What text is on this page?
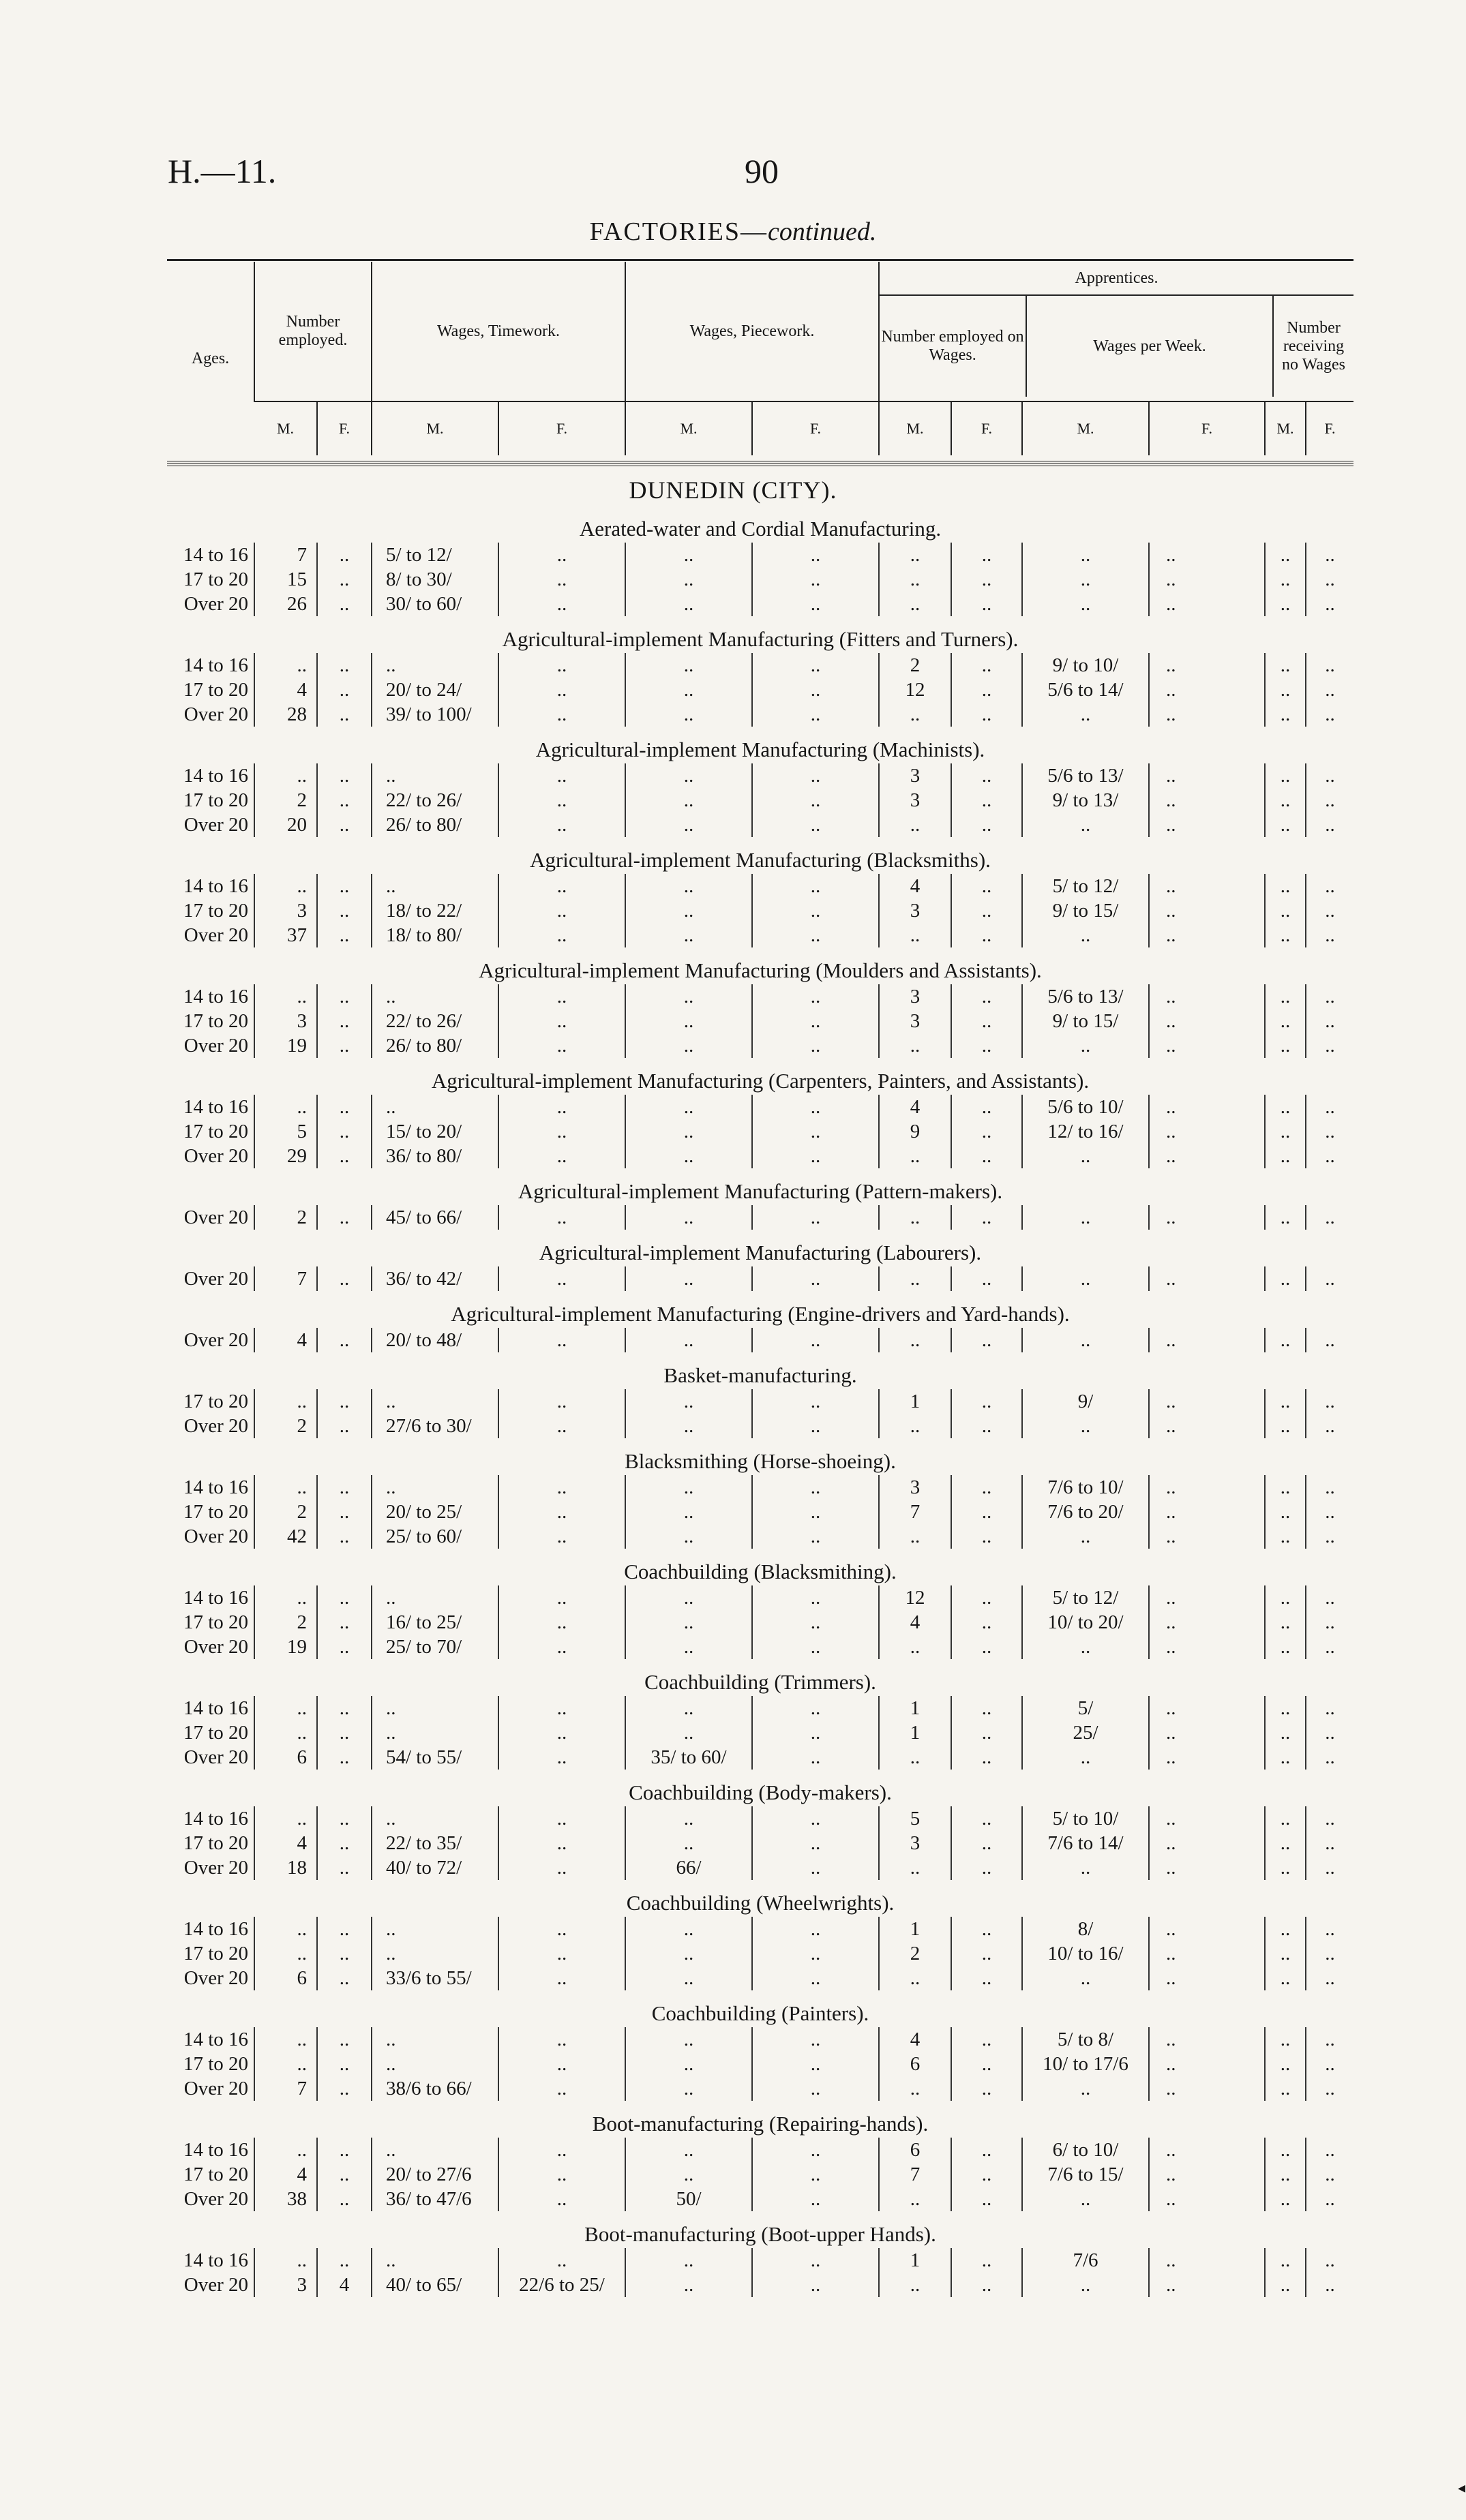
H.—11.	90
FACTORIES—continued.
Ages.	Number employed.	Wages, Timework.	Wages, Piecework.	
Apprentices.
Number employed on Wages.	Wages per Week.	Number receiving no Wages

M.	F.	M.	F.	M.	F.	M.	F.	M.	F.	M.	F.
DUNEDIN (CITY).
Aerated-water and Cordial Manufacturing.
14 to 16	7	..	5/ to 12/	..	..	..	..	..	..	..	..	..
17 to 20	15	..	8/ to 30/	..	..	..	..	..	..	..	..	..
Over 20	26	..	30/ to 60/	..	..	..	..	..	..	..	..	..
Agricultural-implement Manufacturing (Fitters and Turners).
14 to 16	..	..	..	..	..	..	2	..	9/ to 10/	..	..	..
17 to 20	4	..	20/ to 24/	..	..	..	12	..	5/6 to 14/	..	..	..
Over 20	28	..	39/ to 100/	..	..	..	..	..	..	..	..	..
Agricultural-implement Manufacturing (Machinists).
14 to 16	..	..	..	..	..	..	3	..	5/6 to 13/	..	..	..
17 to 20	2	..	22/ to 26/	..	..	..	3	..	9/ to 13/	..	..	..
Over 20	20	..	26/ to 80/	..	..	..	..	..	..	..	..	..
Agricultural-implement Manufacturing (Blacksmiths).
14 to 16	..	..	..	..	..	..	4	..	5/ to 12/	..	..	..
17 to 20	3	..	18/ to 22/	..	..	..	3	..	9/ to 15/	..	..	..
Over 20	37	..	18/ to 80/	..	..	..	..	..	..	..	..	..
Agricultural-implement Manufacturing (Moulders and Assistants).
14 to 16	..	..	..	..	..	..	3	..	5/6 to 13/	..	..	..
17 to 20	3	..	22/ to 26/	..	..	..	3	..	9/ to 15/	..	..	..
Over 20	19	..	26/ to 80/	..	..	..	..	..	..	..	..	..
Agricultural-implement Manufacturing (Carpenters, Painters, and Assistants).
14 to 16	..	..	..	..	..	..	4	..	5/6 to 10/	..	..	..
17 to 20	5	..	15/ to 20/	..	..	..	9	..	12/ to 16/	..	..	..
Over 20	29	..	36/ to 80/	..	..	..	..	..	..	..	..	..
Agricultural-implement Manufacturing (Pattern-makers).
Over 20	2	..	45/ to 66/	..	..	..	..	..	..	..	..	..
Agricultural-implement Manufacturing (Labourers).
Over 20	7	..	36/ to 42/	..	..	..	..	..	..	..	..	..
Agricultural-implement Manufacturing (Engine-drivers and Yard-hands).
Over 20	4	..	20/ to 48/	..	..	..	..	..	..	..	..	..
Basket-manufacturing.
17 to 20	..	..	..	..	..	..	1	..	9/	..	..	..
Over 20	2	..	27/6 to 30/	..	..	..	..	..	..	..	..	..
Blacksmithing (Horse-shoeing).
14 to 16	..	..	..	..	..	..	3	..	7/6 to 10/	..	..	..
17 to 20	2	..	20/ to 25/	..	..	..	7	..	7/6 to 20/	..	..	..
Over 20	42	..	25/ to 60/	..	..	..	..	..	..	..	..	..
Coachbuilding (Blacksmithing).
14 to 16	..	..	..	..	..	..	12	..	5/ to 12/	..	..	..
17 to 20	2	..	16/ to 25/	..	..	..	4	..	10/ to 20/	..	..	..
Over 20	19	..	25/ to 70/	..	..	..	..	..	..	..	..	..
Coachbuilding (Trimmers).
14 to 16	..	..	..	..	..	..	1	..	5/	..	..	..
17 to 20	..	..	..	..	..	..	1	..	25/	..	..	..
Over 20	6	..	54/ to 55/	..	35/ to 60/	..	..	..	..	..	..	..
Coachbuilding (Body-makers).
14 to 16	..	..	..	..	..	..	5	..	5/ to 10/	..	..	..
17 to 20	4	..	22/ to 35/	..	..	..	3	..	7/6 to 14/	..	..	..
Over 20	18	..	40/ to 72/	..	66/	..	..	..	..	..	..	..
Coachbuilding (Wheelwrights).
14 to 16	..	..	..	..	..	..	1	..	8/	..	..	..
17 to 20	..	..	..	..	..	..	2	..	10/ to 16/	..	..	..
Over 20	6	..	33/6 to 55/	..	..	..	..	..	..	..	..	..
Coachbuilding (Painters).
14 to 16	..	..	..	..	..	..	4	..	5/ to 8/	..	..	..
17 to 20	..	..	..	..	..	..	6	..	10/ to 17/6	..	..	..
Over 20	7	..	38/6 to 66/	..	..	..	..	..	..	..	..	..
Boot-manufacturing (Repairing-hands).
14 to 16	..	..	..	..	..	..	6	..	6/ to 10/	..	..	..
17 to 20	4	..	20/ to 27/6	..	..	..	7	..	7/6 to 15/	..	..	..
Over 20	38	..	36/ to 47/6	..	50/	..	..	..	..	..	..	..
Boot-manufacturing (Boot-upper Hands).
14 to 16	..	..	..	..	..	..	1	..	7/6	..	..	..
Over 20	3	4	40/ to 65/	22/6 to 25/	..	..	..	..	..	..	..	..
◂
